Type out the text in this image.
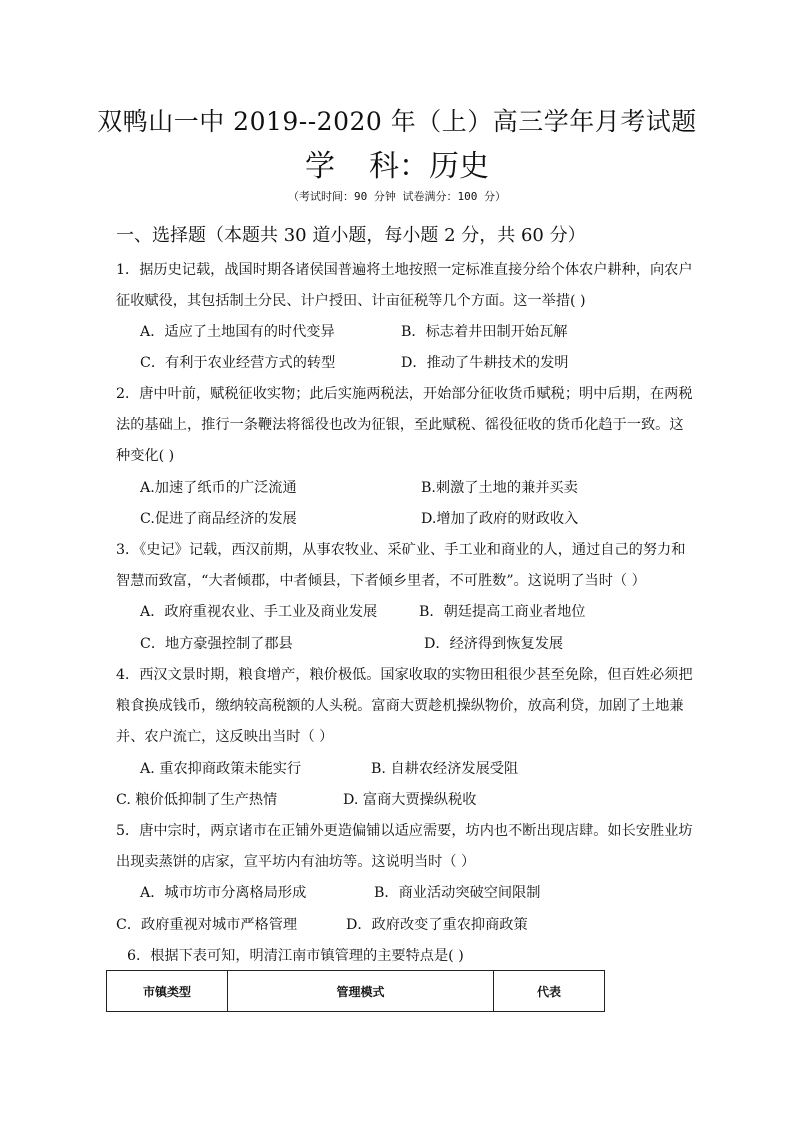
双鸭山一中 2019--2020 年（上）高三学年月考试题
学 科：历史
（考试时间：90 分钟 试卷满分：100 分）
一、选择题（本题共 30 道小题，每小题 2 分，共 60 分）
1．据历史记载，战国时期各诸侯国普遍将土地按照一定标准直接分给个体农户耕种，向农户
征收赋役，其包括制土分民、计户授田、计亩征税等几个方面。这一举措( )
A．适应了土地国有的时代变异	B．标志着井田制开始瓦解
C．有利于农业经营方式的转型	D．推动了牛耕技术的发明
2．唐中叶前，赋税征收实物；此后实施两税法，开始部分征收货币赋税；明中后期，在两税
法的基础上，推行一条鞭法将徭役也改为征银，至此赋税、徭役征收的货币化趋于一致。这
种变化( )
A.加速了纸币的广泛流通	B.刺激了土地的兼并买卖
C.促进了商品经济的发展	D.增加了政府的财政收入
3．《史记》记载，西汉前期，从事农牧业、采矿业、手工业和商业的人，通过自己的努力和
智慧而致富，“大者倾郡，中者倾县，下者倾乡里者，不可胜数”。这说明了当时（ ）
A．政府重视农业、手工业及商业发展	B．朝廷提高工商业者地位
C．地方豪强控制了郡县	D．经济得到恢复发展
4．西汉文景时期，粮食增产，粮价极低。国家收取的实物田租很少甚至免除，但百姓必须把
粮食换成钱币，缴纳较高税额的人头税。富商大贾趁机操纵物价，放高利贷，加剧了土地兼
并、农户流亡，这反映出当时（ ）
A. 重农抑商政策未能实行	B. 自耕农经济发展受阻
C. 粮价低抑制了生产热情	D. 富商大贾操纵税收
5．唐中宗时，两京诸市在正铺外更造偏铺以适应需要，坊内也不断出现店肆。如长安胜业坊
出现卖蒸饼的店家，宣平坊内有油坊等。这说明当时（ ）
A．城市坊市分离格局形成	B．商业活动突破空间限制
C．政府重视对城市严格管理	D．政府改变了重农抑商政策
6．根据下表可知，明清江南市镇管理的主要特点是( )
市镇类型	管理模式	代表
